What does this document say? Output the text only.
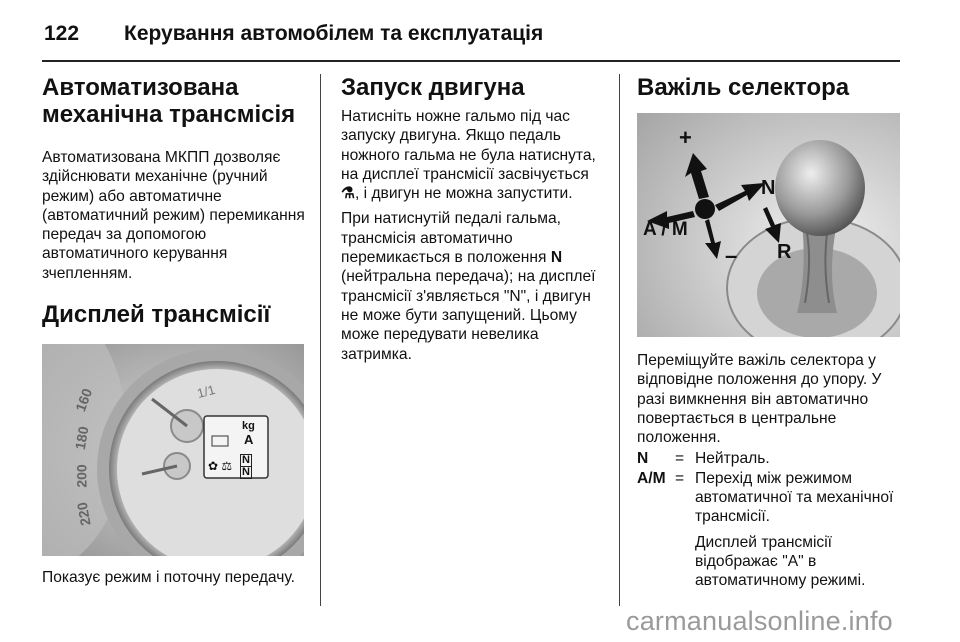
122 Керування автомобілем та експлуатація
Автоматизована механічна трансмісія

Автоматизована МКПП дозволяє здійснювати механічне (ручний режим) або автоматичне (автоматичний режим) перемикання передач за допомогою автоматичного керування зчепленням.

Дисплей трансмісії
160
180
200
220
1/1
kg
A
✿ ⚖ N
N

Показує режим і поточну передачу.

Запуск двигуна

Натисніть ножне гальмо під час запуску двигуна. Якщо педаль ножного гальма не була натиснута, на дисплеї трансмісії засвічується ⚗, і двигун не можна запустити.

При натиснутій педалі гальма, трансмісія автоматично перемикається в положення N (нейтральна передача); на дисплеї трансмісії з'являється "N", і двигун не може бути запущений. Цьому може передувати невелика затримка.

Важіль селектора
+
–
N
R
A / M

Переміщуйте важіль селектора у відповідне положення до упору. У разі вимкнення він автоматично повертається в центральне положення.

N	= Нейтраль.
A/M = Перехід між режимом автоматичної та механічної трансмісії.
Дисплей трансмісії відображає "A" в автоматичному режимі.
carmanualsonline.info
